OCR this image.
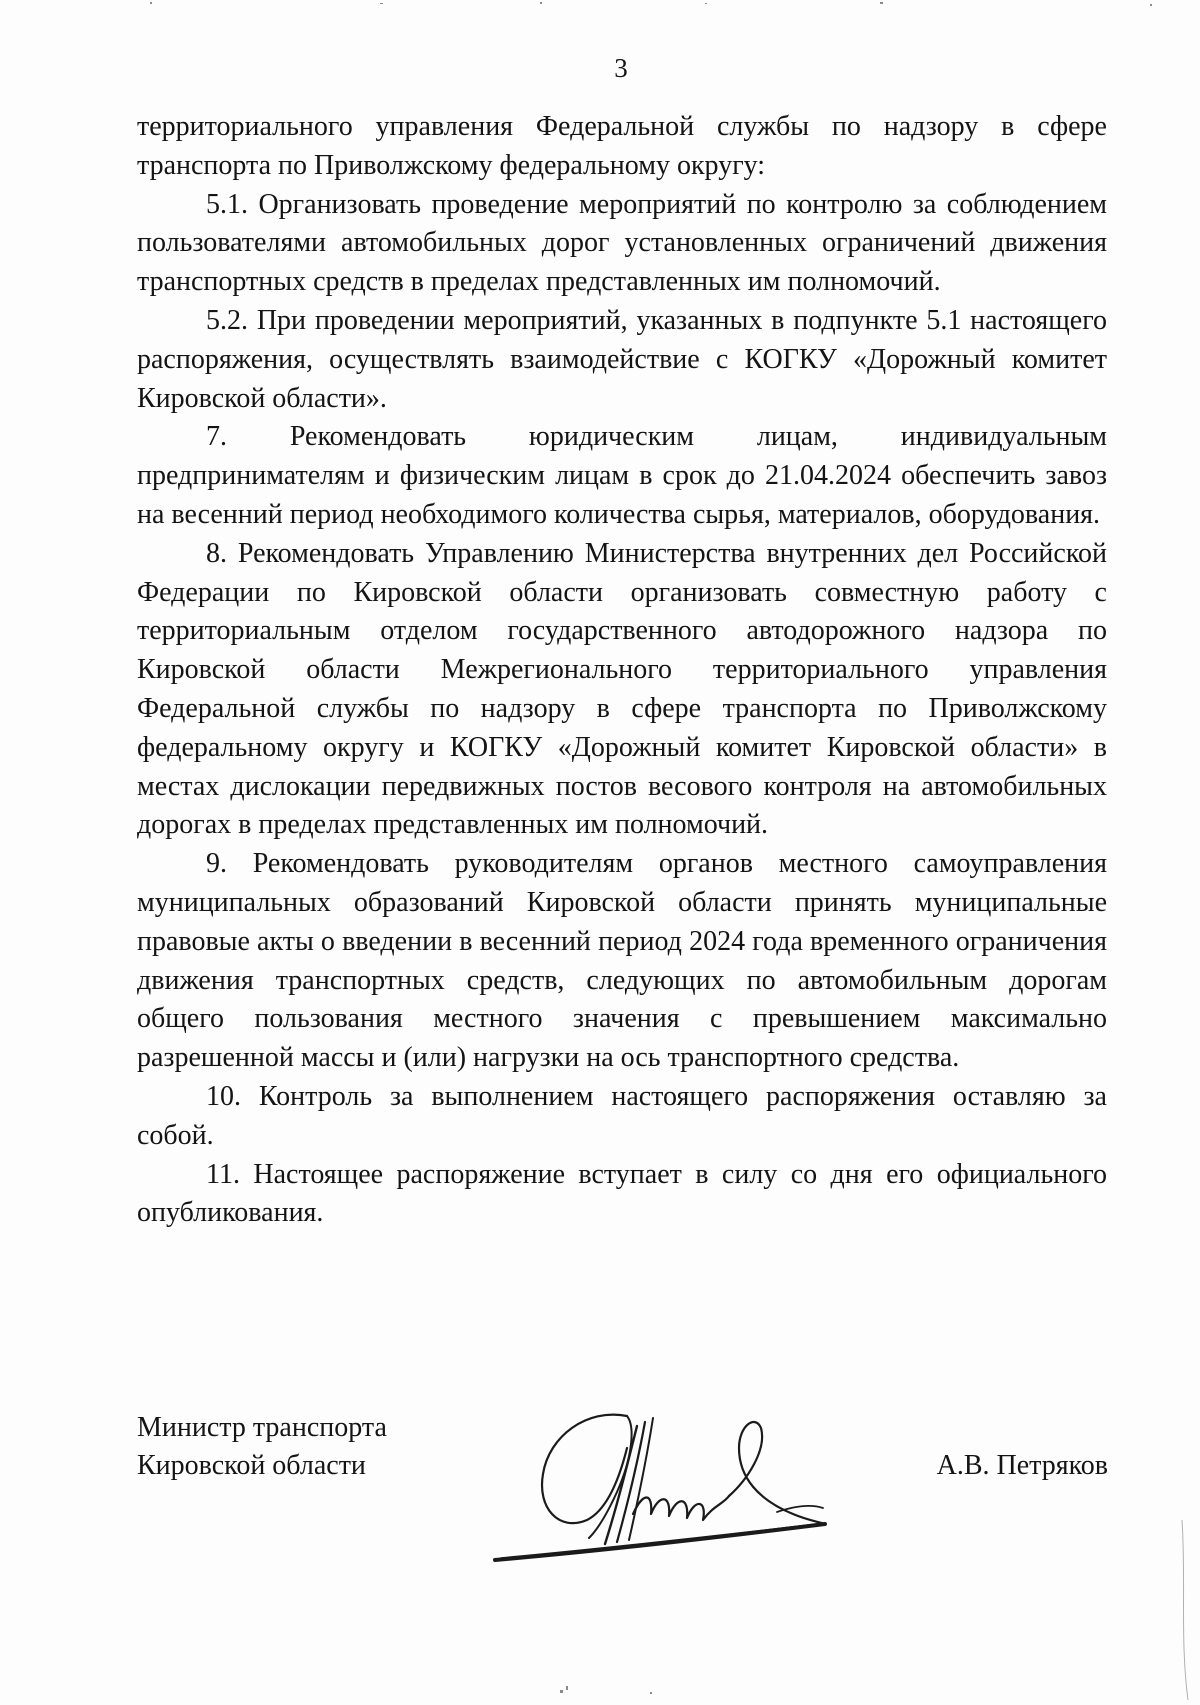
3

территориального управления Федеральной службы по надзору в сфере транспорта по Приволжскому федеральному округу:

5.1. Организовать проведение мероприятий по контролю за соблюдением пользователями автомобильных дорог установленных ограничений движения транспортных средств в пределах представленных им полномочий.

5.2. При проведении мероприятий, указанных в подпункте 5.1 настоящего распоряжения, осуществлять взаимодействие с КОГКУ «Дорожный комитет Кировской области».

7. Рекомендовать юридическим лицам, индивидуальным предпринимателям и физическим лицам в срок до 21.04.2024 обеспечить завоз на весенний период необходимого количества сырья, материалов, оборудования.

8. Рекомендовать Управлению Министерства внутренних дел Российской Федерации по Кировской области организовать совместную работу с территориальным отделом государственного автодорожного надзора по Кировской области Межрегионального территориального управления Федеральной службы по надзору в сфере транспорта по Приволжскому федеральному округу и КОГКУ «Дорожный комитет Кировской области» в местах дислокации передвижных постов весового контроля на автомобильных дорогах в пределах представленных им полномочий.

9. Рекомендовать руководителям органов местного самоуправления муниципальных образований Кировской области принять муниципальные правовые акты о введении в весенний период 2024 года временного ограничения движения транспортных средств, следующих по автомобильным дорогам общего пользования местного значения с превышением максимально разрешенной массы и (или) нагрузки на ось транспортного средства.

10. Контроль за выполнением настоящего распоряжения оставляю за собой.

11. Настоящее распоряжение вступает в силу со дня его официального опубликования.

Министр транспорта
Кировской области	А.В. Петряков
